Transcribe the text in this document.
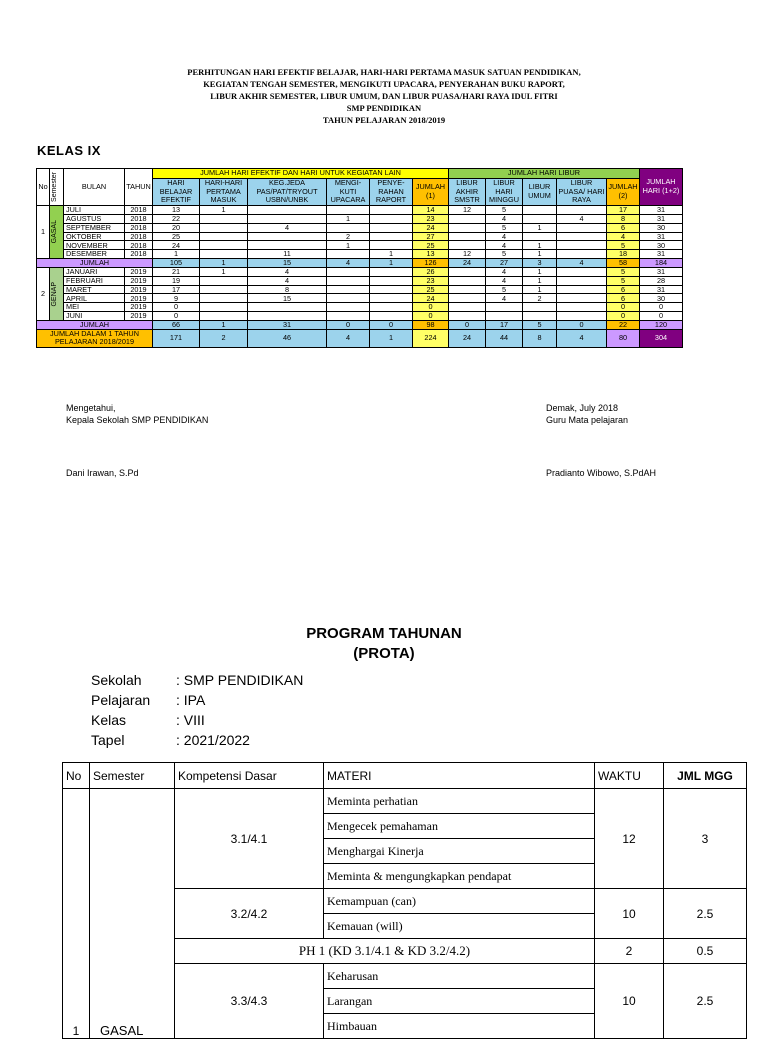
PERHITUNGAN HARI EFEKTIF BELAJAR, HARI-HARI PERTAMA MASUK SATUAN PENDIDIKAN,
KEGIATAN TENGAH SEMESTER, MENGIKUTI UPACARA, PENYERAHAN BUKU RAPORT,
LIBUR AKHIR SEMESTER, LIBUR UMUM, DAN LIBUR PUASA/HARI RAYA IDUL FITRI
SMP PENDIDIKAN
TAHUN PELAJARAN 2018/2019
KELAS IX
No	Semester	BULAN	TAHUN	JUMLAH HARI EFEKTIF DAN HARI UNTUK KEGIATAN LAIN						JUMLAH HARI LIBUR					JUMLAH HARI (1+2)
				HARI BELAJAR EFEKTIF	HARI-HARI PERTAMA MASUK	KEG.JEDA PAS/PAT/TRYOUT USBN/UNBK	MENGI-KUTI UPACARA	PENYE-RAHAN RAPORT	JUMLAH (1)	LIBUR AKHIR SMSTR	LIBUR HARI MINGGU	LIBUR UMUM	LIBUR PUASA/ HARI RAYA	JUMLAH (2)	
1	GASAL	JULI	2018	13	1				14	12	5			17	31
		AGUSTUS	2018	22			1		23		4		4	8	31
		SEPTEMBER	2018	20		4			24		5	1		6	30
		OKTOBER	2018	25			2		27		4			4	31
		NOVEMBER	2018	24			1		25		4	1		5	30
		DESEMBER	2018	1		11		1	13	12	5	1		18	31
JUMLAH				105	1	15	4	1	126	24	27	3	4	58	184
2	GENAP	JANUARI	2019	21	1	4			26		4	1		5	31
		FEBRUARI	2019	19		4			23		4	1		5	28
		MARET	2019	17		8			25		5	1		6	31
		APRIL	2019	9		15			24		4	2		6	30
		MEI	2019	0					0					0	0
		JUNI	2019	0					0					0	0
JUMLAH				66	1	31	0	0	98	0	17	5	0	22	120
JUMLAH DALAM 1 TAHUN PELAJARAN 2018/2019				171	2	46	4	1	224	24	44	8	4	80	304
Mengetahui,
Kepala Sekolah SMP PENDIDIKAN
Demak, July 2018
Guru Mata pelajaran
Dani Irawan, S.Pd	Pradianto Wibowo, S.PdAH
PROGRAM TAHUNAN
(PROTA)
Sekolah	: SMP PENDIDIKAN
Pelajaran	: IPA
Kelas	: VIII
Tapel	: 2021/2022
No	Semester	Kompetensi Dasar	MATERI	WAKTU	JML MGG
1	GASAL	3.1/4.1	Meminta perhatian	12	3
			Mengecek pemahaman		
			Menghargai Kinerja		
			Meminta & mengungkapkan pendapat		
		3.2/4.2	Kemampuan (can)	10	2.5
			Kemauan (will)		
		PH 1 (KD 3.1/4.1 & KD 3.2/4.2)		2	0.5
		3.3/4.3	Keharusan	10	2.5
			Larangan		
			Himbauan		
